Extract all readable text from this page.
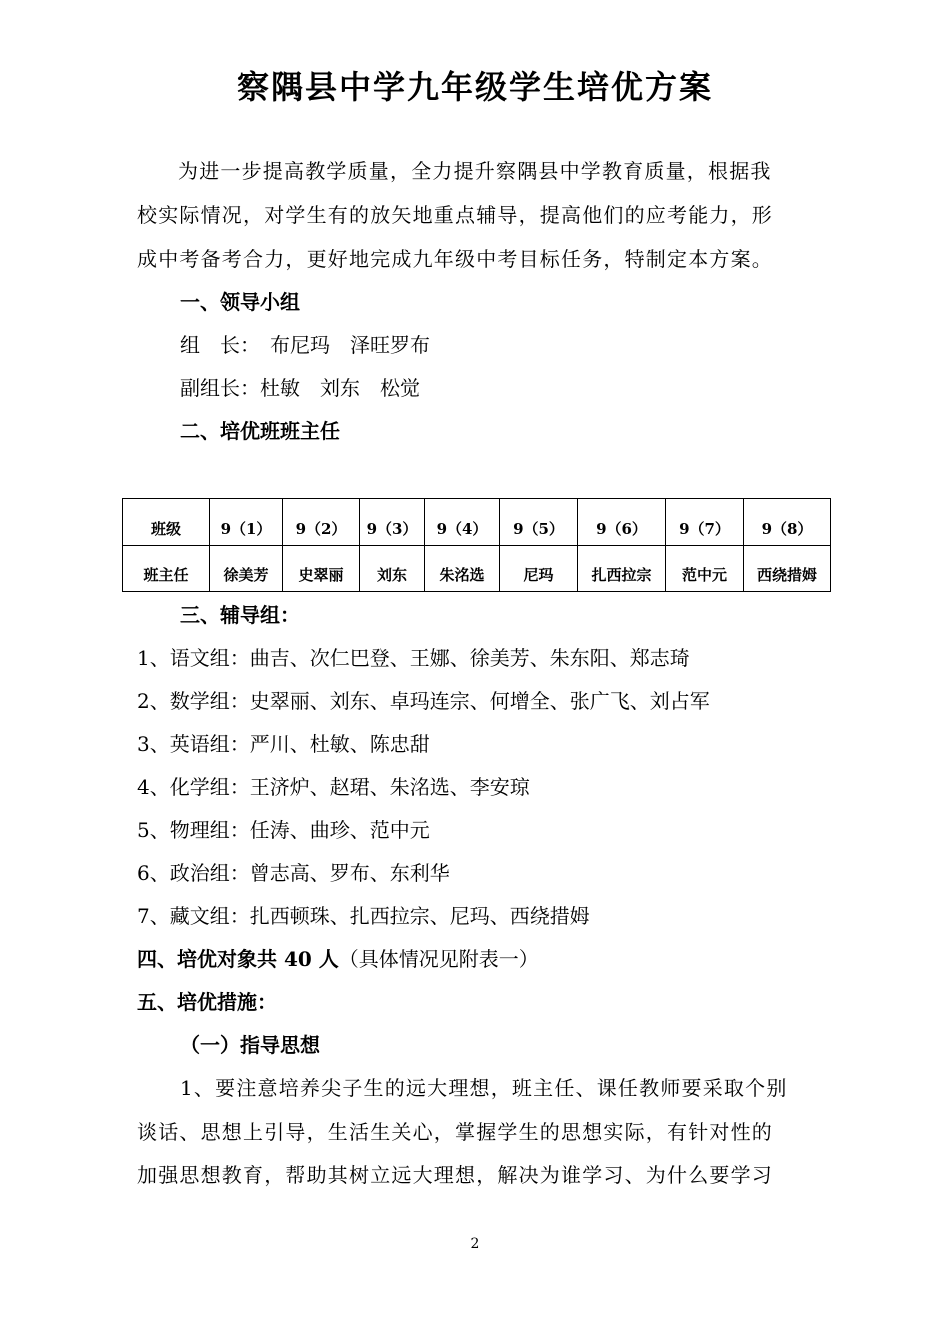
察隅县中学九年级学生培优方案
为进一步提高教学质量，全力提升察隅县中学教育质量，根据我
校实际情况，对学生有的放矢地重点辅导，提高他们的应考能力，形
成中考备考合力，更好地完成九年级中考目标任务，特制定本方案。
一、领导小组
组　长：　布尼玛　泽旺罗布
副组长：杜敏　刘东　松觉
二、培优班班主任
班级	9（1）	9（2）	9（3）	9（4）	9（5）	9（6）	9（7）	9（8）
班主任	徐美芳	史翠丽	刘东	朱洺选	尼玛	扎西拉宗	范中元	西绕措姆
三、辅导组：
1、语文组：曲吉、次仁巴登、王娜、徐美芳、朱东阳、郑志琦
2、数学组：史翠丽、刘东、卓玛连宗、何增全、张广飞、刘占军
3、英语组：严川、杜敏、陈忠甜
4、化学组：王济炉、赵珺、朱洺选、李安琼
5、物理组：任涛、曲珍、范中元
6、政治组：曾志高、罗布、东利华
7、藏文组：扎西顿珠、扎西拉宗、尼玛、西绕措姆
四、培优对象共 40 人（具体情况见附表一）
五、培优措施：
（一）指导思想
1、要注意培养尖子生的远大理想，班主任、课任教师要采取个别
谈话、思想上引导，生活生关心，掌握学生的思想实际，有针对性的
加强思想教育，帮助其树立远大理想，解决为谁学习、为什么要学习
2
